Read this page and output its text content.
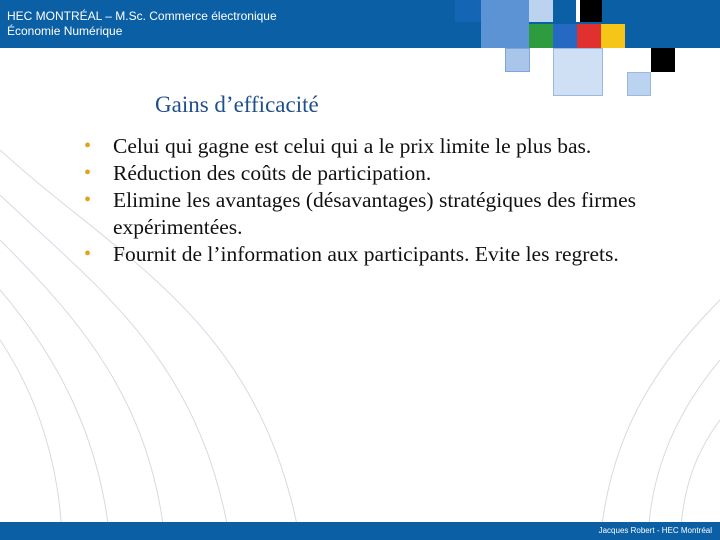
HEC MONTRÉAL – M.Sc. Commerce électronique
Économie Numérique
Gains d’efficacité
• Celui qui gagne est celui qui a le prix limite le plus bas.
• Réduction des coûts de participation.
• Elimine les avantages (désavantages) stratégiques des firmes expérimentées.
• Fournit de l’information aux participants. Evite les regrets.
Jacques Robert - HEC Montréal
